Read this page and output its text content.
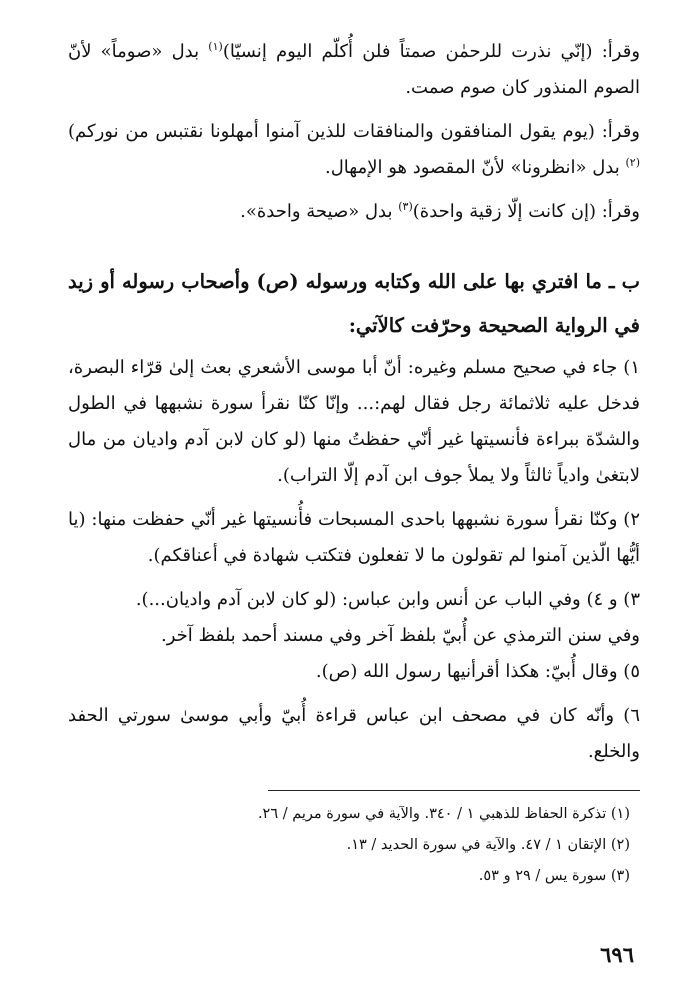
وقرأ: (إنّي نذرت للرحمٰن صمتاً فلن أُكلّم اليوم إنسيّا)$^{(١)}$ بدل «صوماً» لأنّ الصوم المنذور كان صوم صمت.

وقرأ: (يوم يقول المنافقون والمنافقات للذين آمنوا أمهلونا نقتبس من نوركم) $^{(٢)}$ بدل «انظرونا» لأنّ المقصود هو الإمهال.

وقرأ: (إن كانت إلّا زقية واحدة)$^{(٣)}$ بدل «صيحة واحدة».

ب ـ ما افتري بها على الله وكتابه ورسوله (ص) وأصحاب رسوله أو زيد في الرواية الصحيحة وحرّفت كالآتي:

١) جاء في صحيح مسلم وغيره: أنّ أبا موسى الأشعري بعث إلىٰ قرّاء البصرة، فدخل عليه ثلاثمائة رجل فقال لهم:... وإنّا كنّا نقرأ سورة نشبهها في الطول والشدّة ببراءة فأنسيتها غير أنّي حفظتُ منها (لو كان لابن آدم واديان من مال لابتغىٰ وادياً ثالثاً ولا يملأ جوف ابن آدم إلّا التراب).

٢) وكنّا نقرأ سورة نشبهها باحدى المسبحات فأُنسيتها غير أنّي حفظت منها: (يا أيُّها الّذين آمنوا لم تقولون ما لا تفعلون فتكتب شهادة في أعناقكم).

٣) و ٤) وفي الباب عن أنس وابن عباس: (لو كان لابن آدم واديان...).

وفي سنن الترمذي عن أُبيّ بلفظ آخر وفي مسند أحمد بلفظ آخر.

٥) وقال أُبيّ: هكذا أقرأنيها رسول الله (ص).

٦) وأنّه كان في مصحف ابن عباس قراءة أُبيّ وأبي موسىٰ سورتي الحفد والخلع.

(١) تذكرة الحفاظ للذهبي ١ / ٣٤٠. والآية في سورة مريم / ٢٦.

(٢) الإتقان ١ / ٤٧. والآية في سورة الحديد / ١٣.

(٣) سورة يس / ٢٩ و ٥٣.

٦٩٦
